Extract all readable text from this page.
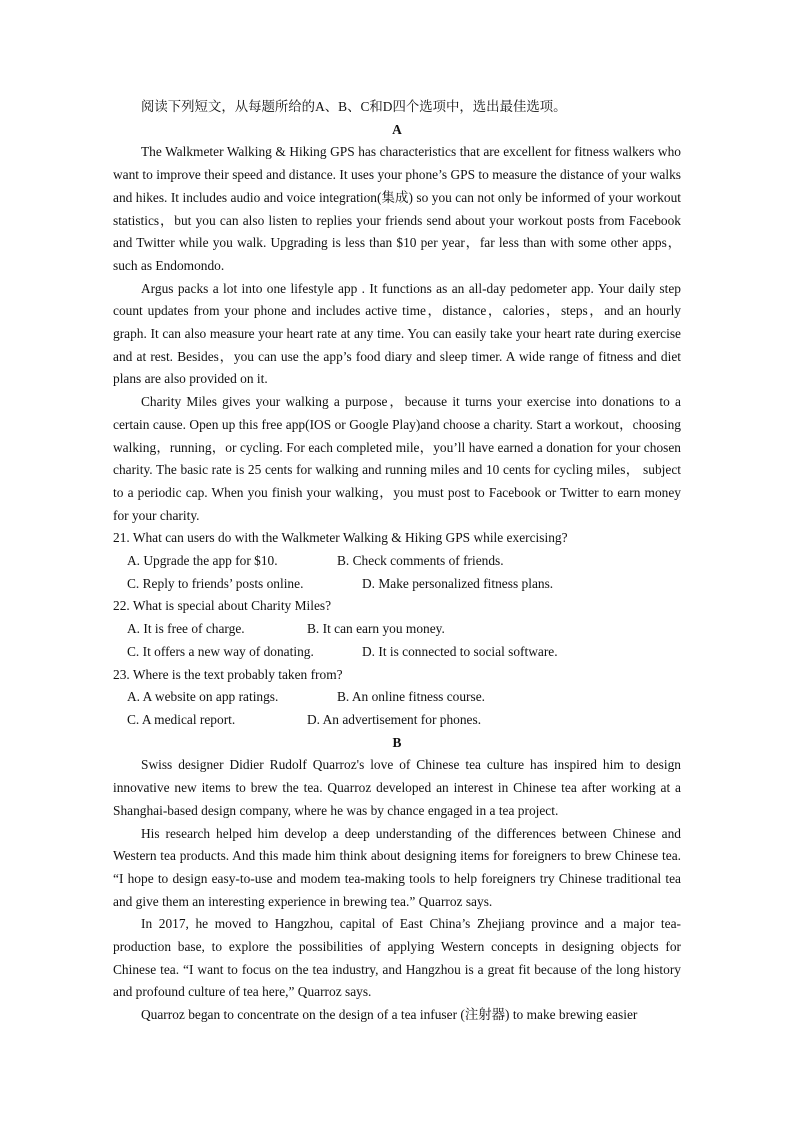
阅读下列短文，从每题所给的A、B、C和D四个选项中，选出最佳选项。

A

The Walkmeter Walking & Hiking GPS has characteristics that are excellent for fitness walkers who want to improve their speed and distance. It uses your phone’s GPS to measure the distance of your walks and hikes. It includes audio and voice integration(集成) so you can not only be informed of your workout statistics，but you can also listen to replies your friends send about your workout posts from Facebook and Twitter while you walk. Upgrading is less than $10 per year，far less than with some other apps，such as Endomondo.

Argus packs a lot into one lifestyle app . It functions as an all-day pedometer app. Your daily step count updates from your phone and includes active time，distance，calories，steps，and an hourly graph. It can also measure your heart rate at any time. You can easily take your heart rate during exercise and at rest. Besides，you can use the app’s food diary and sleep timer. A wide range of fitness and diet plans are also provided on it.

Charity Miles gives your walking a purpose，because it turns your exercise into donations to a certain cause. Open up this free app(IOS or Google Play)and choose a charity. Start a workout，choosing walking，running，or cycling. For each completed mile，you’ll have earned a donation for your chosen charity. The basic rate is 25 cents for walking and running miles and 10 cents for cycling miles， subject to a periodic cap. When you finish your walking，you must post to Facebook or Twitter to earn money for your charity.

21. What can users do with the Walkmeter Walking & Hiking GPS while exercising?

A. Upgrade the app for $10.	B. Check comments of friends.
C. Reply to friends’ posts online.	D. Make personalized fitness plans.

22. What is special about Charity Miles?

A. It is free of charge.	B. It can earn you money.
C. It offers a new way of donating.	D. It is connected to social software.

23. Where is the text probably taken from?

A. A website on app ratings.	B. An online fitness course.
C. A medical report.	D. An advertisement for phones.

B

Swiss designer Didier Rudolf Quarroz's love of Chinese tea culture has inspired him to design innovative new items to brew the tea. Quarroz developed an interest in Chinese tea after working at a Shanghai-based design company, where he was by chance engaged in a tea project.

His research helped him develop a deep understanding of the differences between Chinese and Western tea products. And this made him think about designing items for foreigners to brew Chinese tea. “I hope to design easy-to-use and modem tea-making tools to help foreigners try Chinese traditional tea and give them an interesting experience in brewing tea.” Quarroz says.

In 2017, he moved to Hangzhou, capital of East China’s Zhejiang province and a major tea-production base, to explore the possibilities of applying Western concepts in designing objects for Chinese tea. “I want to focus on the tea industry, and Hangzhou is a great fit because of the long history and profound culture of tea here,” Quarroz says.

Quarroz began to concentrate on the design of a tea infuser (注射器) to make brewing easier
